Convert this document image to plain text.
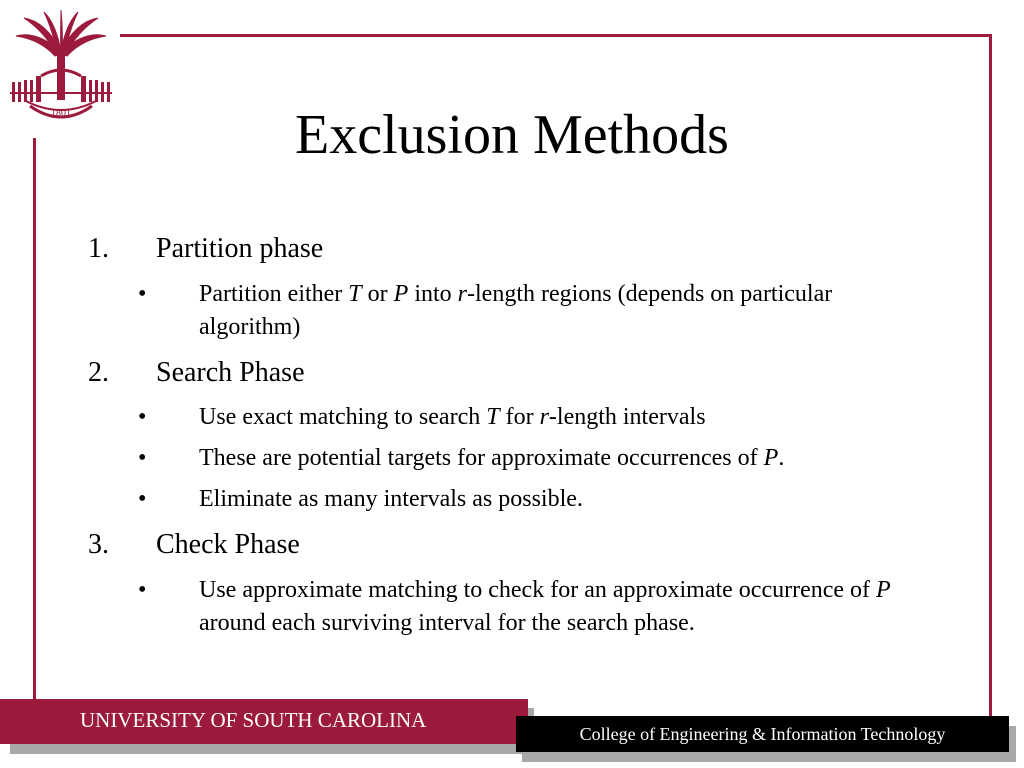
1801	Exclusion Methods
1.	Partition phase
•	Partition either T or P into r-length regions (depends on particular algorithm)
2.	Search Phase
•	Use exact matching to search T for r-length intervals
•	These are potential targets for approximate occurrences of P.
•	Eliminate as many intervals as possible.
3.	Check Phase
•	Use approximate matching to check for an approximate occurrence of P around each surviving interval for the search phase.
UNIVERSITY OF SOUTH CAROLINA
College of Engineering & Information Technology
